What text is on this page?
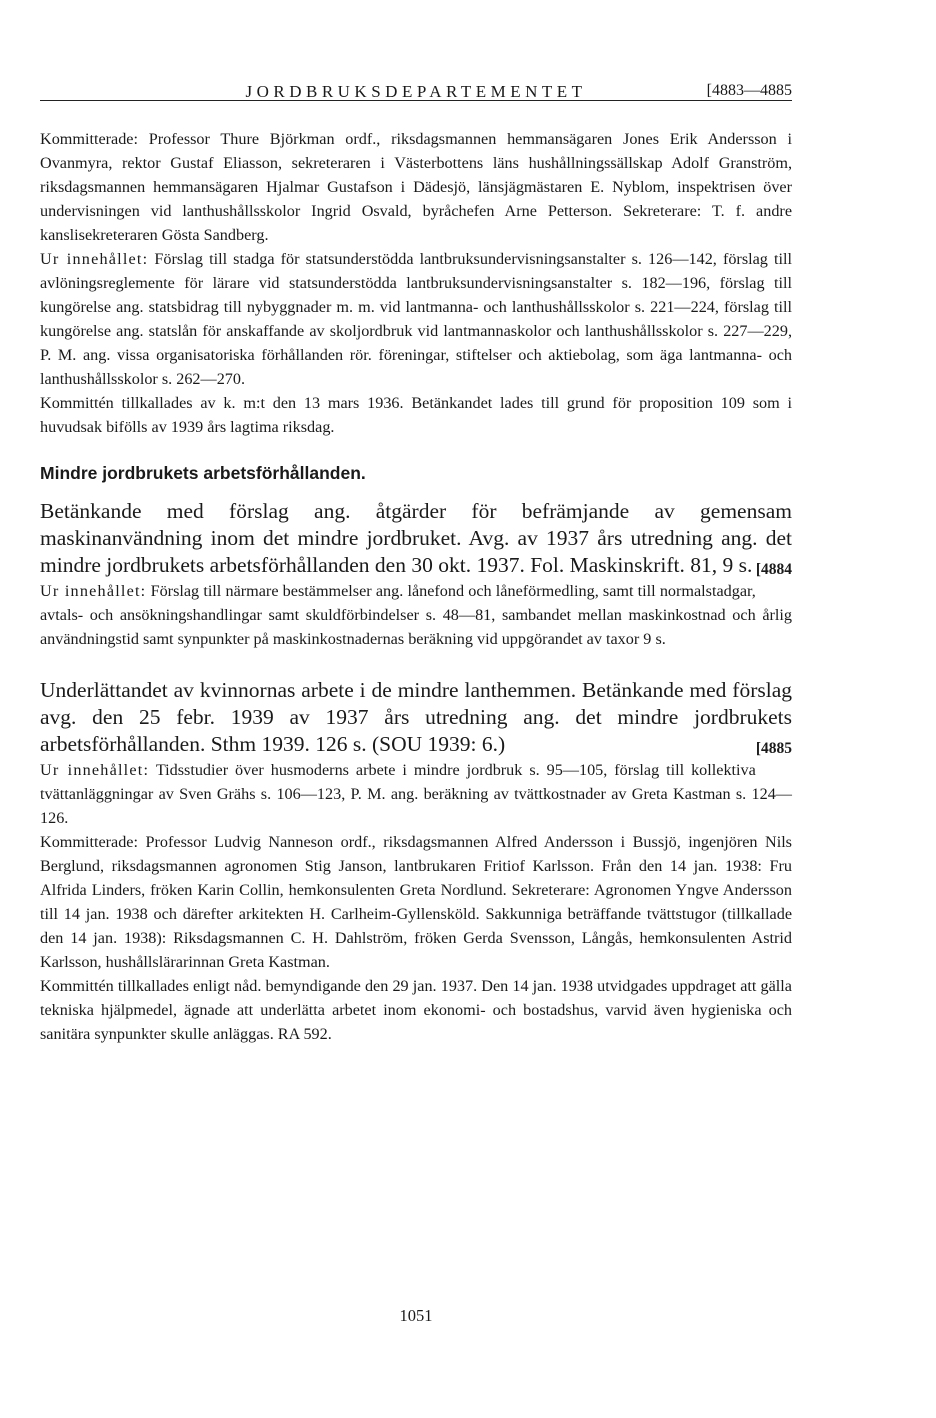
JORDBRUKSDEPARTEMENTET	[4883—4885

Kommitterade: Professor Thure Björkman ordf., riksdagsmannen hemmansägaren Jones Erik Andersson i Ovanmyra, rektor Gustaf Eliasson, sekreteraren i Västerbottens läns hushållningssällskap Adolf Granström, riksdagsmannen hemmansägaren Hjalmar Gustafson i Dädesjö, länsjägmästaren E. Nyblom, inspektrisen över undervisningen vid lanthushållsskolor Ingrid Osvald, byråchefen Arne Petterson. Sekreterare: T. f. andre kanslisekreteraren Gösta Sandberg.

Ur innehållet: Förslag till stadga för statsunderstödda lantbruksundervisningsanstalter s. 126—142, förslag till avlöningsreglemente för lärare vid statsunderstödda lantbruksundervisningsanstalter s. 182—196, förslag till kungörelse ang. statsbidrag till nybyggnader m. m. vid lantmanna- och lanthushållsskolor s. 221—224, förslag till kungörelse ang. statslån för anskaffande av skoljordbruk vid lantmannaskolor och lanthushållsskolor s. 227—229, P. M. ang. vissa organisatoriska förhållanden rör. föreningar, stiftelser och aktiebolag, som äga lantmanna- och lanthushållsskolor s. 262—270.

Kommittén tillkallades av k. m:t den 13 mars 1936. Betänkandet lades till grund för proposition 109 som i huvudsak bifölls av 1939 års lagtima riksdag.

Mindre jordbrukets arbetsförhållanden.

Betänkande med förslag ang. åtgärder för befrämjande av gemensam maskinanvändning inom det mindre jordbruket. Avg. av 1937 års utredning ang. det mindre jordbrukets arbetsförhållanden den 30 okt. 1937. Fol. Maskinskrift. 81, 9 s. [4884

Ur innehållet: Förslag till närmare bestämmelser ang. lånefond och låneförmedling, samt till normalstadgar, avtals- och ansökningshandlingar samt skuldförbindelser s. 48—81, sambandet mellan maskinkostnad och årlig användningstid samt synpunkter på maskinkostnadernas beräkning vid uppgörandet av taxor 9 s.

Underlättandet av kvinnornas arbete i de mindre lanthemmen. Betänkande med förslag avg. den 25 febr. 1939 av 1937 års utredning ang. det mindre jordbrukets arbetsförhållanden. Sthm 1939. 126 s. (SOU 1939: 6.)	[4885

Ur innehållet: Tidsstudier över husmoderns arbete i mindre jordbruk s. 95—105, förslag till kollektiva tvättanläggningar av Sven Grähs s. 106—123, P. M. ang. beräkning av tvättkostnader av Greta Kastman s. 124—126.

Kommitterade: Professor Ludvig Nanneson ordf., riksdagsmannen Alfred Andersson i Bussjö, ingenjören Nils Berglund, riksdagsmannen agronomen Stig Janson, lantbrukaren Fritiof Karlsson. Från den 14 jan. 1938: Fru Alfrida Linders, fröken Karin Collin, hemkonsulenten Greta Nordlund. Sekreterare: Agronomen Yngve Andersson till 14 jan. 1938 och därefter arkitekten H. Carlheim-Gyllensköld. Sakkunniga beträffande tvättstugor (tillkallade den 14 jan. 1938): Riksdagsmannen C. H. Dahlström, fröken Gerda Svensson, Långås, hemkonsulenten Astrid Karlsson, hushållslärarinnan Greta Kastman.

Kommittén tillkallades enligt nåd. bemyndigande den 29 jan. 1937. Den 14 jan. 1938 utvidgades uppdraget att gälla tekniska hjälpmedel, ägnade att underlätta arbetet inom ekonomi- och bostadshus, varvid även hygieniska och sanitära synpunkter skulle anläggas. RA 592.

1051
